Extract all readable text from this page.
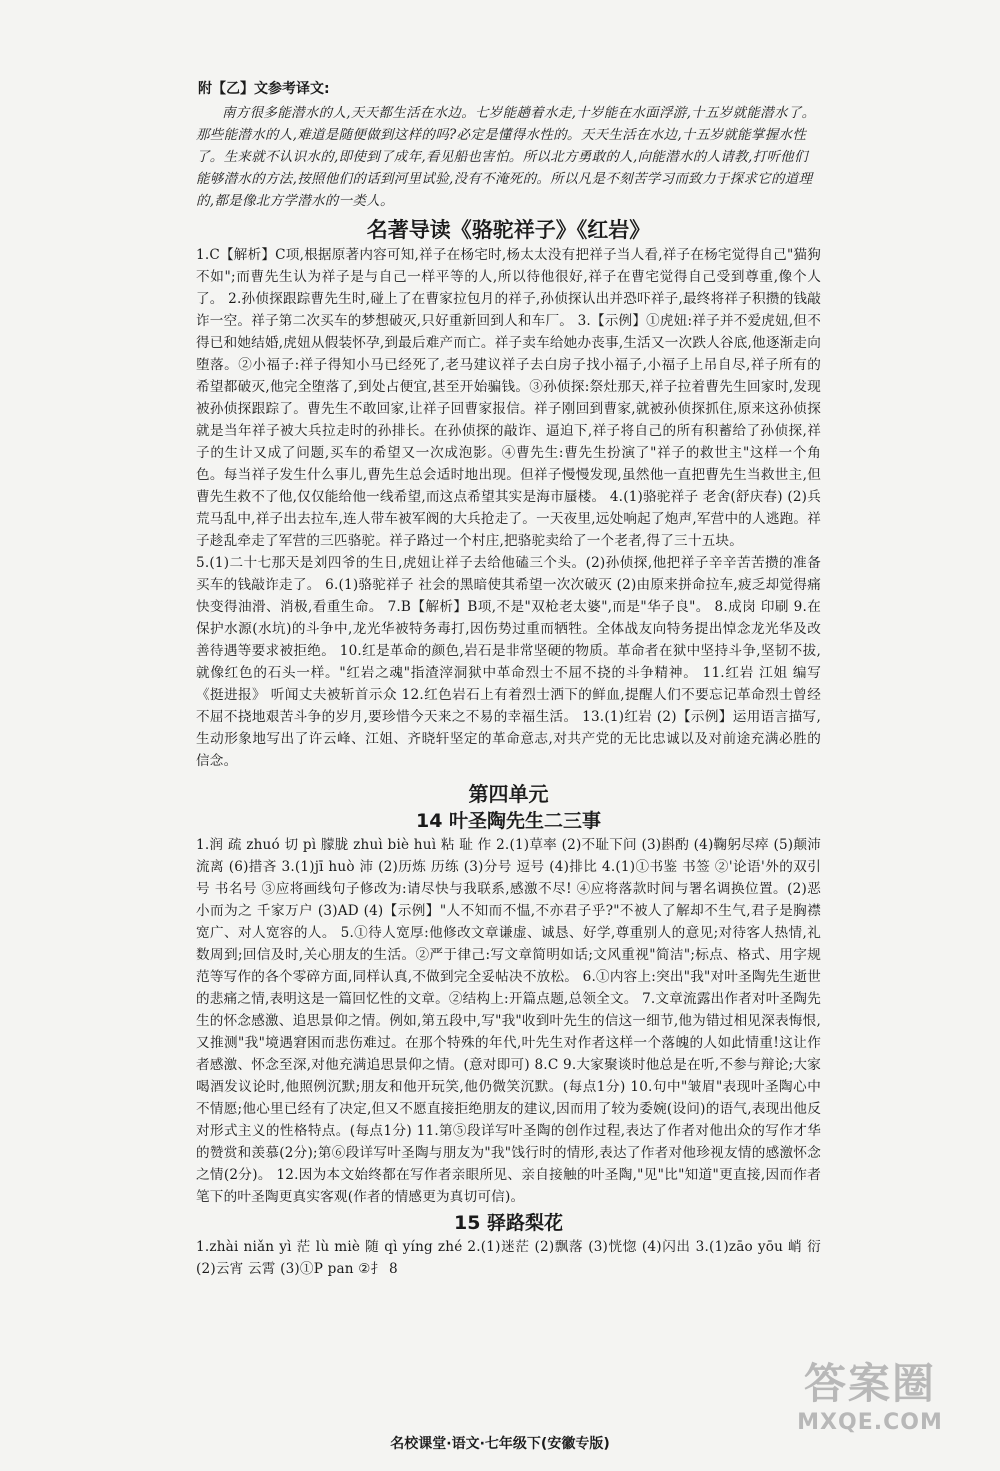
附【乙】文参考译文:

南方很多能潜水的人,天天都生活在水边。七岁能趟着水走,十岁能在水面浮游,十五岁就能潜水了。那些能潜水的人,难道是随便做到这样的吗?必定是懂得水性的。天天生活在水边,十五岁就能掌握水性了。生来就不认识水的,即使到了成年,看见船也害怕。所以北方勇敢的人,向能潜水的人请教,打听他们能够潜水的方法,按照他们的话到河里试验,没有不淹死的。所以凡是不刻苦学习而致力于探求它的道理的,都是像北方学潜水的一类人。

名著导读《骆驼祥子》《红岩》

1.C【解析】C项,根据原著内容可知,祥子在杨宅时,杨太太没有把祥子当人看,祥子在杨宅觉得自己"猫狗不如";而曹先生认为祥子是与自己一样平等的人,所以待他很好,祥子在曹宅觉得自己受到尊重,像个人了。 2.孙侦探跟踪曹先生时,碰上了在曹家拉包月的祥子,孙侦探认出并恐吓祥子,最终将祥子积攒的钱敲诈一空。祥子第二次买车的梦想破灭,只好重新回到人和车厂。 3.【示例】①虎妞:祥子并不爱虎妞,但不得已和她结婚,虎妞从假装怀孕,到最后难产而亡。祥子卖车给她办丧事,生活又一次跌人谷底,他逐渐走向堕落。②小福子:祥子得知小马已经死了,老马建议祥子去白房子找小福子,小福子上吊自尽,祥子所有的希望都破灭,他完全堕落了,到处占便宜,甚至开始骗钱。③孙侦探:祭灶那天,祥子拉着曹先生回家时,发现被孙侦探跟踪了。曹先生不敢回家,让祥子回曹家报信。祥子刚回到曹家,就被孙侦探抓住,原来这孙侦探就是当年祥子被大兵拉走时的孙排长。在孙侦探的敲诈、逼迫下,祥子将自己的所有积蓄给了孙侦探,祥子的生计又成了问题,买车的希望又一次成泡影。④曹先生:曹先生扮演了"祥子的救世主"这样一个角色。每当祥子发生什么事儿,曹先生总会适时地出现。但祥子慢慢发现,虽然他一直把曹先生当救世主,但曹先生救不了他,仅仅能给他一线希望,而这点希望其实是海市蜃楼。 4.(1)骆驼祥子 老舍(舒庆春) (2)兵荒马乱中,祥子出去拉车,连人带车被军阀的大兵抢走了。一天夜里,远处响起了炮声,军营中的人逃跑。祥子趁乱牵走了军营的三匹骆驼。祥子路过一个村庄,把骆驼卖给了一个老者,得了三十五块。
5.(1)二十七那天是刘四爷的生日,虎妞让祥子去给他磕三个头。(2)孙侦探,他把祥子辛辛苦苦攒的准备买车的钱敲诈走了。 6.(1)骆驼祥子 社会的黑暗使其希望一次次破灭 (2)由原来拼命拉车,疲乏却觉得痛快变得油滑、消极,看重生命。 7.B【解析】B项,不是"双枪老太婆",而是"华子良"。 8.成岗 印刷 9.在保护水源(水坑)的斗争中,龙光华被特务毒打,因伤势过重而牺牲。全体战友向特务提出悼念龙光华及改善待遇等要求被拒绝。 10.红是革命的颜色,岩石是非常坚硬的物质。革命者在狱中坚持斗争,坚韧不拔,就像红色的石头一样。"红岩之魂"指渣滓洞狱中革命烈士不屈不挠的斗争精神。 11.红岩 江姐 编写《挺进报》 听闻丈夫被斩首示众 12.红色岩石上有着烈士洒下的鲜血,提醒人们不要忘记革命烈士曾经不屈不挠地艰苦斗争的岁月,要珍惜今天来之不易的幸福生活。 13.(1)红岩 (2)【示例】运用语言描写,生动形象地写出了许云峰、江姐、齐晓轩坚定的革命意志,对共产党的无比忠诚以及对前途充满必胜的信念。

第四单元
14 叶圣陶先生二三事

1.润 疏 zhuó 切 pì 朦胧 zhuì biè huì 粘 耻 作 2.(1)草率 (2)不耻下问 (3)斟酌 (4)鞠躬尽瘁 (5)颠沛流离 (6)措吝 3.(1)jī huò 沛 (2)历炼 历练 (3)分号 逗号 (4)排比 4.(1)①书鉴 书签 ②'论语'外的双引号 书名号 ③应将画线句子修改为:请尽快与我联系,感激不尽! ④应将落款时间与署名调换位置。(2)恶小而为之 千家万户 (3)AD (4)【示例】"人不知而不愠,不亦君子乎?"不被人了解却不生气,君子是胸襟宽广、对人宽容的人。 5.①待人宽厚:他修改文章谦虚、诚恳、好学,尊重别人的意见;对待客人热情,礼数周到;回信及时,关心朋友的生活。②严于律己:写文章简明如话;文风重视"简洁";标点、格式、用字规范等写作的各个零碎方面,同样认真,不做到完全妥帖决不放松。 6.①内容上:突出"我"对叶圣陶先生逝世的悲痛之情,表明这是一篇回忆性的文章。②结构上:开篇点题,总领全文。 7.文章流露出作者对叶圣陶先生的怀念感激、追思景仰之情。例如,第五段中,写"我"收到叶先生的信这一细节,他为错过相见深表悔恨,又推测"我"境遇窘困而悲伤难过。在那个特殊的年代,叶先生对作者这样一个落魄的人如此情重!这让作者感激、怀念至深,对他充满追思景仰之情。(意对即可) 8.C 9.大家聚谈时他总是在听,不参与辩论;大家喝酒发议论时,他照例沉默;朋友和他开玩笑,他仍微笑沉默。(每点1分) 10.句中"皱眉"表现叶圣陶心中不情愿;他心里已经有了决定,但又不愿直接拒绝朋友的建议,因而用了较为委婉(设问)的语气,表现出他反对形式主义的性格特点。(每点1分) 11.第⑤段详写叶圣陶的创作过程,表达了作者对他出众的写作才华的赞赏和羡慕(2分);第⑥段详写叶圣陶与朋友为"我"饯行时的情形,表达了作者对他珍视友情的感激怀念之情(2分)。 12.因为本文始终都在写作者亲眼所见、亲自接触的叶圣陶,"见"比"知道"更直接,因而作者笔下的叶圣陶更真实客观(作者的情感更为真切可信)。

15 驿路梨花

1.zhài niǎn yì 茫 lù miè 随 qì yíng zhé 2.(1)迷茫 (2)飘落 (3)恍惚 (4)闪出 3.(1)zāo yōu 峭 衍 (2)云宵 云霄 (3)①P pan ②扌 8

名校课堂·语文·七年级下(安徽专版)
答案圈
MXQE.COM
